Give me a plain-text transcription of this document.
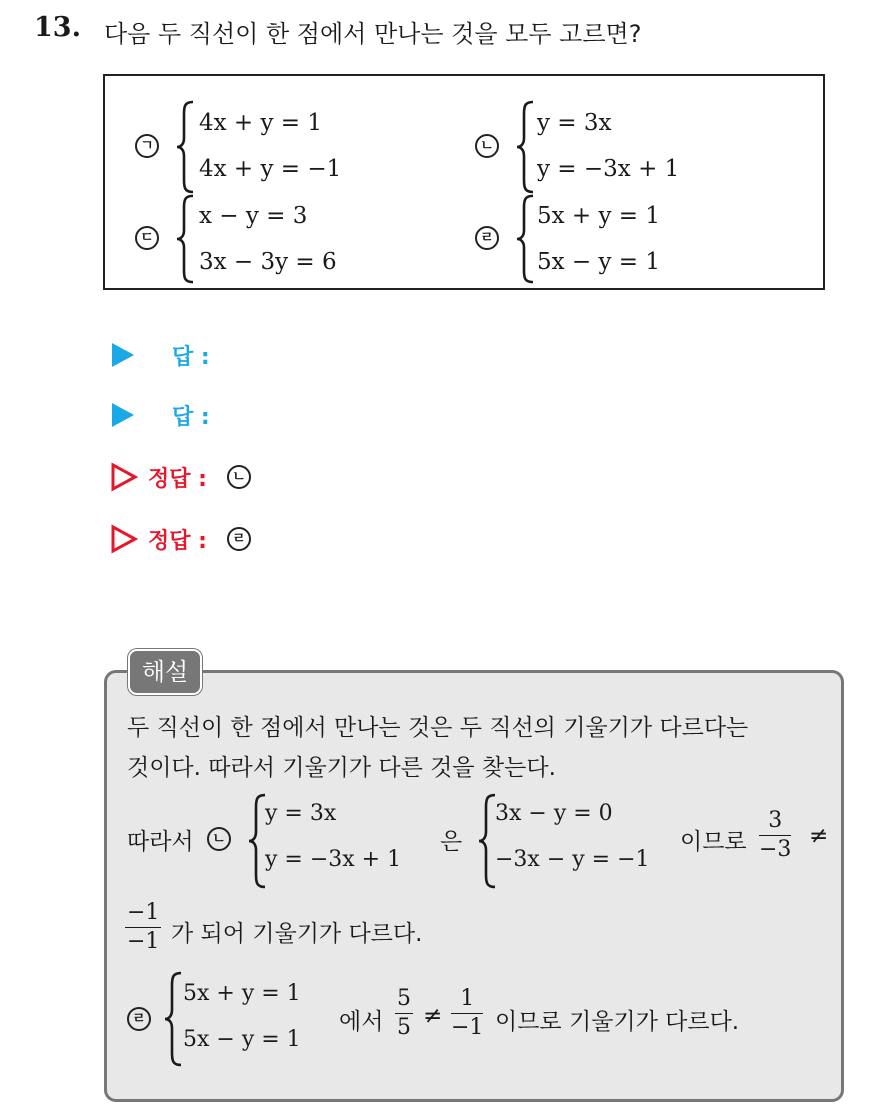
13. 다음 두 직선이 한 점에서 만나는 것을 모두 고르면?
ㄱ
4x + y = 1
4x + y = −1
ㄴ
y = 3x
y = −3x + 1
ㄷ
x − y = 3
3x − 3y = 6
ㄹ
5x + y = 1
5x − y = 1
답 :
답 :
정답 :	ㄴ
정답 :	ㄹ
두 직선이 한 점에서 만나는 것은 두 직선의 기울기가 다르다는
것이다. 따라서 기울기가 다른 것을 찾는다.
따라서	ㄴ
y = 3x
y = −3x + 1
은
3x − y = 0
−3x − y = −1
이므로 $\frac{3}{-3}$ ≠
$\frac{-1}{-1}$ 가 되어 기울기가 다르다.
ㄹ
5x + y = 1
5x − y = 1
에서 $\frac{5}{5} \ne \frac{1}{-1}$ 이므로 기울기가 다르다.
해설
